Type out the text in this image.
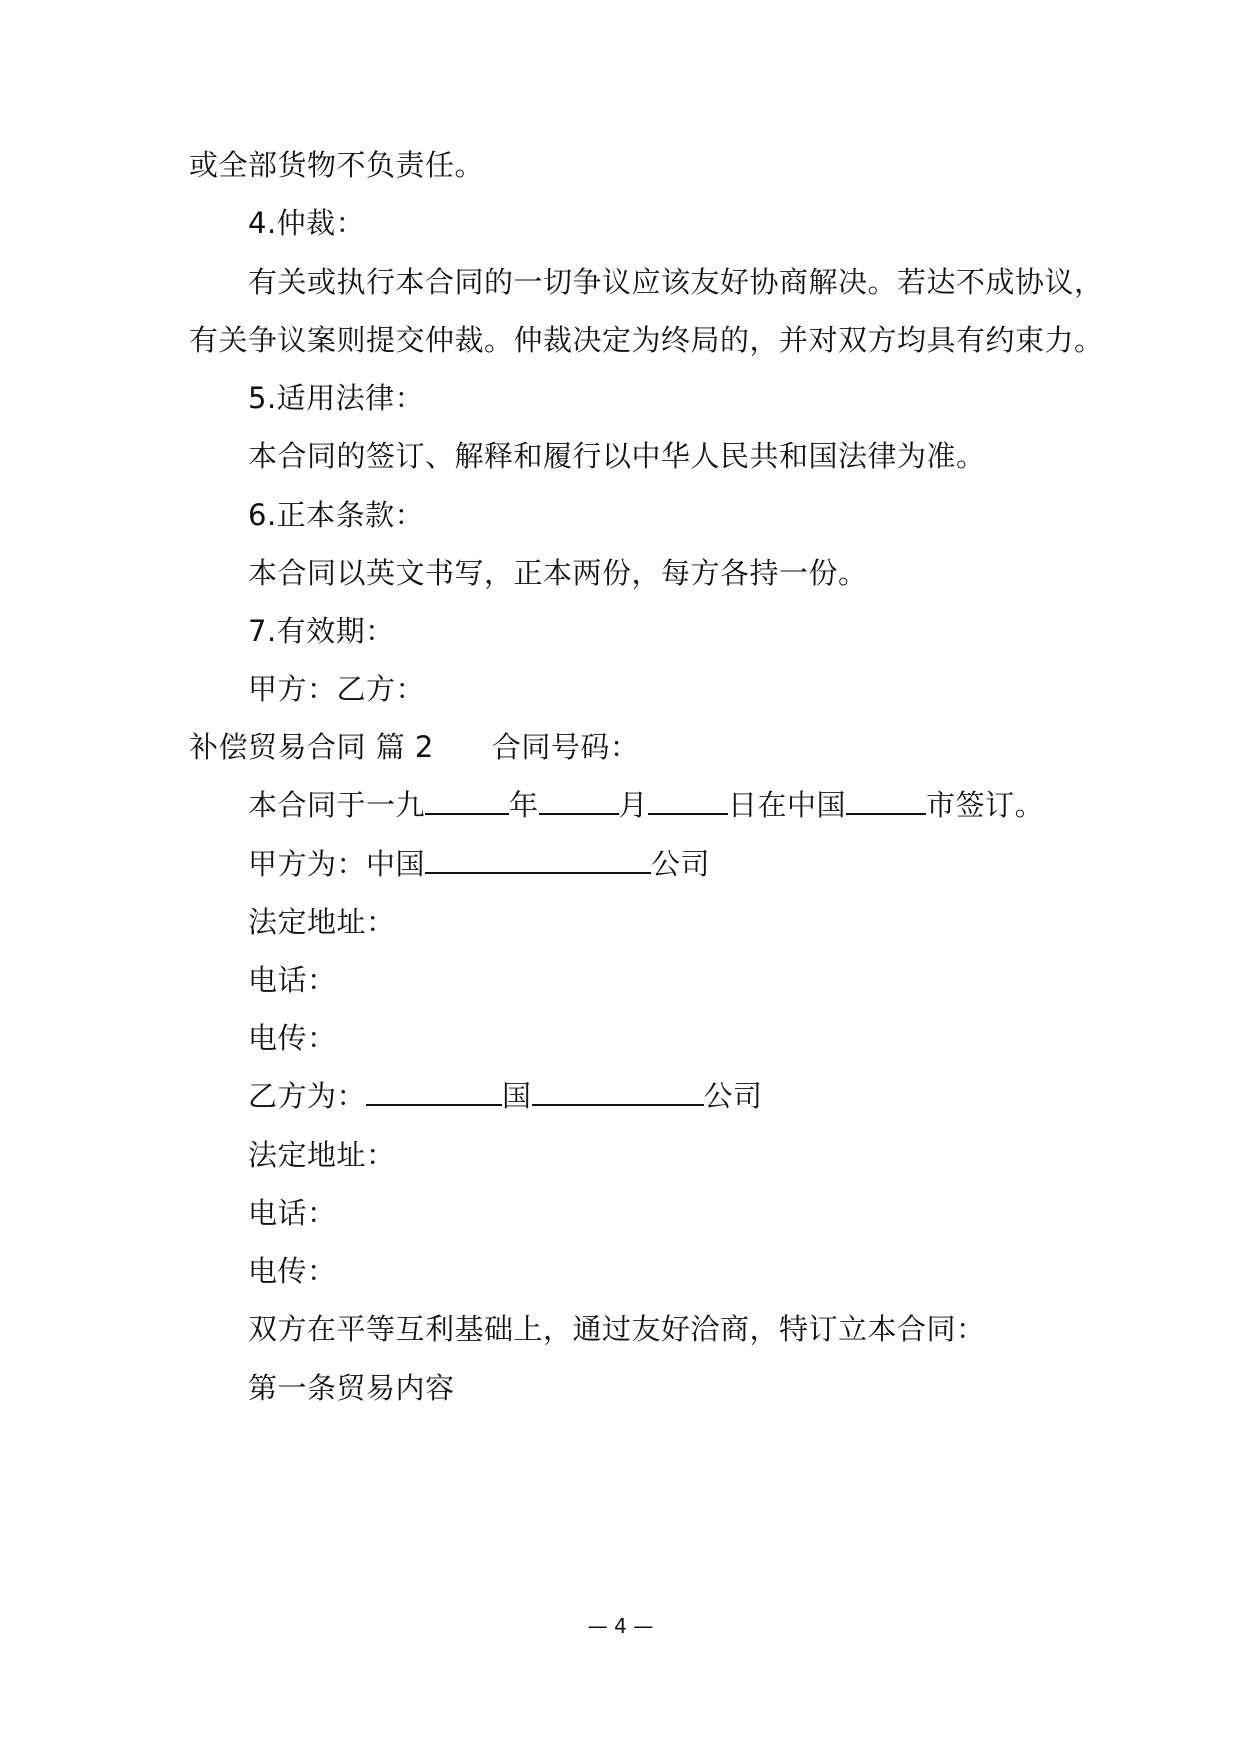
或全部货物不负责任。
4.仲裁：
有关或执行本合同的一切争议应该友好协商解决。若达不成协议，
有关争议案则提交仲裁。仲裁决定为终局的，并对双方均具有约束力。
5.适用法律：
本合同的签订、解释和履行以中华人民共和国法律为准。
6.正本条款：
本合同以英文书写，正本两份，每方各持一份。
7.有效期：
甲方：乙方：
补偿贸易合同 篇 2 合同号码：
本合同于一九	年	月	日在中国	市签订。
甲方为：中国	公司
法定地址：
电话：
电传：
乙方为：	国	公司
法定地址：
电话：
电传：
双方在平等互利基础上，通过友好洽商，特订立本合同：
第一条贸易内容
— 4 —
